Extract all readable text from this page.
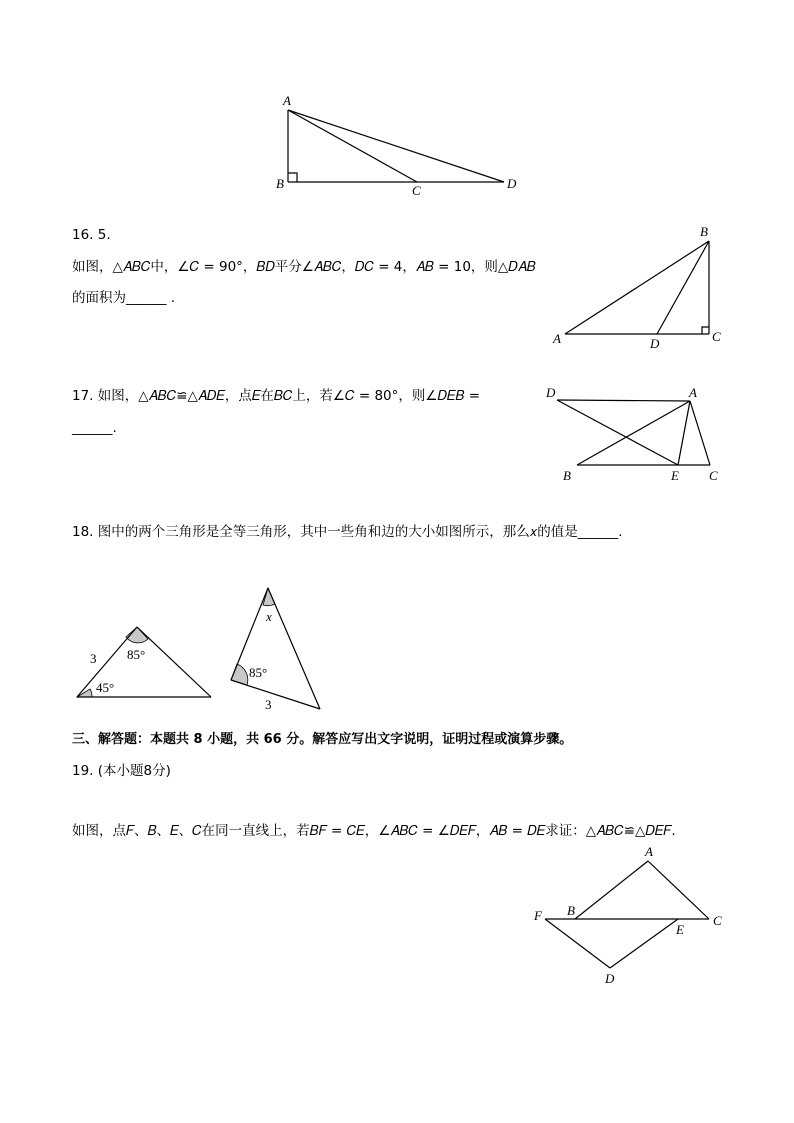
A
B	C	D
16. 5.
如图，△𝐴𝐵𝐶中，∠𝐶 = 90°，𝐵𝐷平分∠𝐴𝐵𝐶，𝐷𝐶 = 4，𝐴𝐵 = 10，则△𝐷𝐴𝐵
的面积为______ .
B
A	D	C
17. 如图，△𝐴𝐵𝐶≌△𝐴𝐷𝐸，点𝐸在𝐵𝐶上，若∠𝐶 = 80°，则∠𝐷𝐸𝐵 =
______.
D	A
B	E C
18. 图中的两个三角形是全等三角形，其中一些角和边的大小如图所示，那么𝑥的值是______.
3 85°
45°
x
85°
3
三、解答题：本题共 8 小题，共 66 分。解答应写出文字说明，证明过程或演算步骤。
19. (本小题8分)
如图，点𝐹、𝐵、𝐸、𝐶在同一直线上，若𝐵𝐹 = 𝐶𝐸，∠𝐴𝐵𝐶 = ∠𝐷𝐸𝐹，𝐴𝐵 = 𝐷𝐸求证：△𝐴𝐵𝐶≌△𝐷𝐸𝐹.
A
F B
C
E
D
